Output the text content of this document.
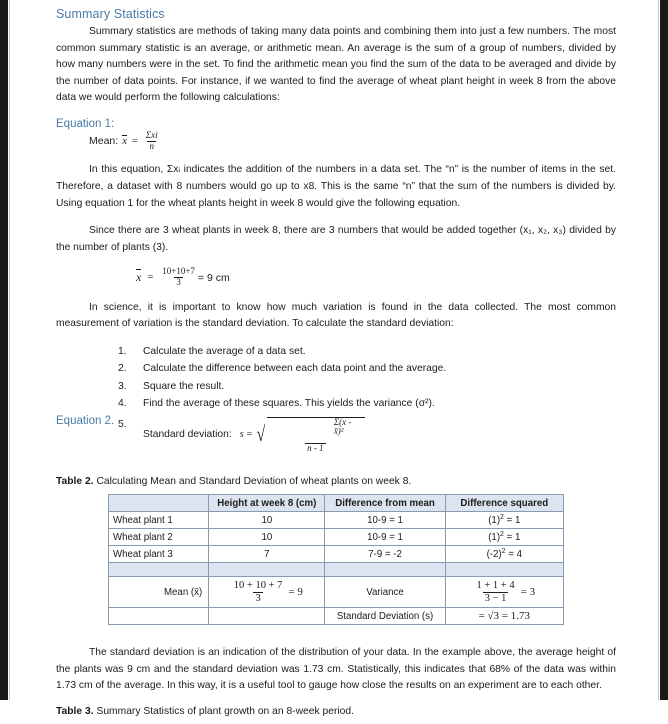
Summary Statistics

Summary statistics are methods of taking many data points and combining them into just a few numbers. The most common summary statistic is an average, or arithmetic mean. An average is the sum of a group of numbers, divided by how many numbers were in the set. To find the arithmetic mean you find the sum of the data to be averaged and divide by the number of data points. For instance, if we wanted to find the average of wheat plant height in week 8 from the above data we would perform the following calculations:

Equation 1:
Mean: $x = \frac{\text{Σxi}}{n}$

In this equation, Σxᵢ indicates the addition of the numbers in a data set. The “n” is the number of items in the set. Therefore, a dataset with 8 numbers would go up to x8. This is the same “n” that the sum of the numbers is divided by. Using equation 1 for the wheat plants height in week 8 would give the following equation.

Since there are 3 wheat plants in week 8, there are 3 numbers that would be added together (x₁, x₂, x₃) divided by the number of plants (3).

$x = \frac{10+10+7}{3} = 9$ cm

In science, it is important to know how much variation is found in the data collected. The most common measurement of variation is the standard deviation. To calculate the standard deviation:

1.	Calculate the average of a data set.
2.	Calculate the difference between each data point and the average.
3.	Square the result.
4.	Find the average of these squares. This yields the variance (σ²).
Equation 2. 5.
Standard deviation: s = √
Σ(x - x̄)²
n - 1
Table 2. Calculating Mean and Standard Deviation of wheat plants on week 8.
	Height at week 8 (cm)	Difference from mean	Difference squared
Wheat plant 1	10	10-9 = 1	$(1)^2 = 1$
Wheat plant 2	10	10-9 = 1	$(1)^2 = 1$
Wheat plant 3	7	7-9 = -2	$(-2)^2 = 4$

Mean (x̄)	$\frac{10 + 10 + 7}{3} = 9$	Variance	$\frac{1 + 1 + 4}{3 - 1} = 3$

		Standard Deviation (s)	= √3 = 1.73

The standard deviation is an indication of the distribution of your data. In the example above, the average height of the plants was 9 cm and the standard deviation was 1.73 cm. Statistically, this indicates that 68% of the data was within 1.73 cm of the average. In this way, it is a useful tool to gauge how close the results on an experiment are to each other.

Table 3. Summary Statistics of plant growth on an 8-week period.
